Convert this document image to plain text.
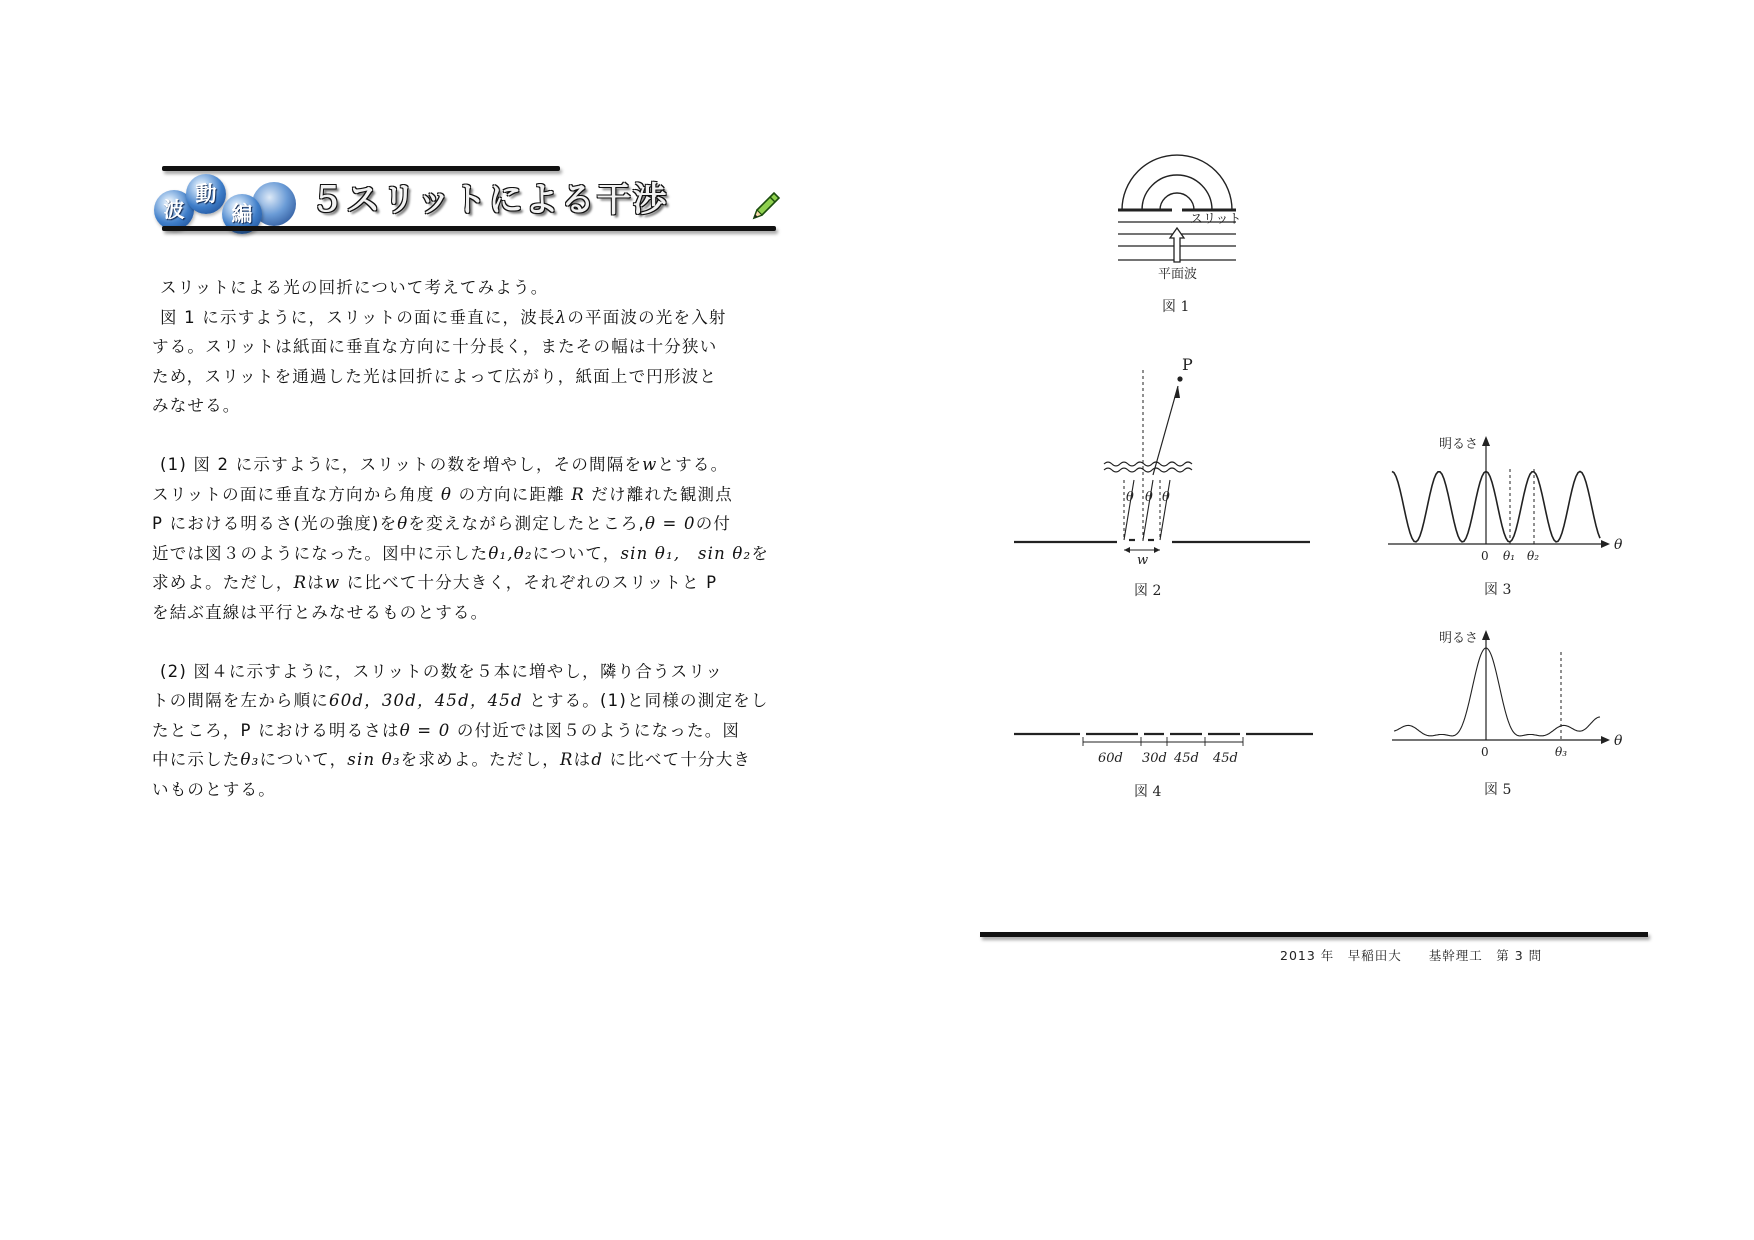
波
動
編 ５スリットによる干渉

スリットによる光の回折について考えてみよう。

図 1 に示すように，スリットの面に垂直に，波長λの平面波の光を入射

する。スリットは紙面に垂直な方向に十分長く，またその幅は十分狭い

ため，スリットを通過した光は回折によって広がり，紙面上で円形波と

みなせる。

(1) 図 2 に示すように，スリットの数を増やし，その間隔をwとする。

スリットの面に垂直な方向から角度 θ の方向に距離 R だけ離れた観測点

P における明るさ(光の強度)をθを変えながら測定したところ,θ = 0の付

近では図３のようになった。図中に示したθ₁,θ₂について，sin θ₁,　sin θ₂を

求めよ。ただし，Rはw に比べて十分大きく，それぞれのスリットと P

を結ぶ直線は平行とみなせるものとする。

(2) 図４に示すように，スリットの数を５本に増やし，隣り合うスリッ

トの間隔を左から順に60d，30d，45d，45d とする。(1)と同様の測定をし

たところ，P における明るさはθ = 0 の付近では図５のようになった。図

中に示したθ₃について，sin θ₃を求めよ。ただし，Rはd に比べて十分大き

いものとする。

スリット
平面波
図 1
P
θ θ θ
w
図 2
明るさ
θ
0 θ₁ θ₂
図 3
60d 30d 45d 45d
図 4
明るさ
θ
0	θ₃
図 5
2013 年　早稲田大　　基幹理工　第 3 問
